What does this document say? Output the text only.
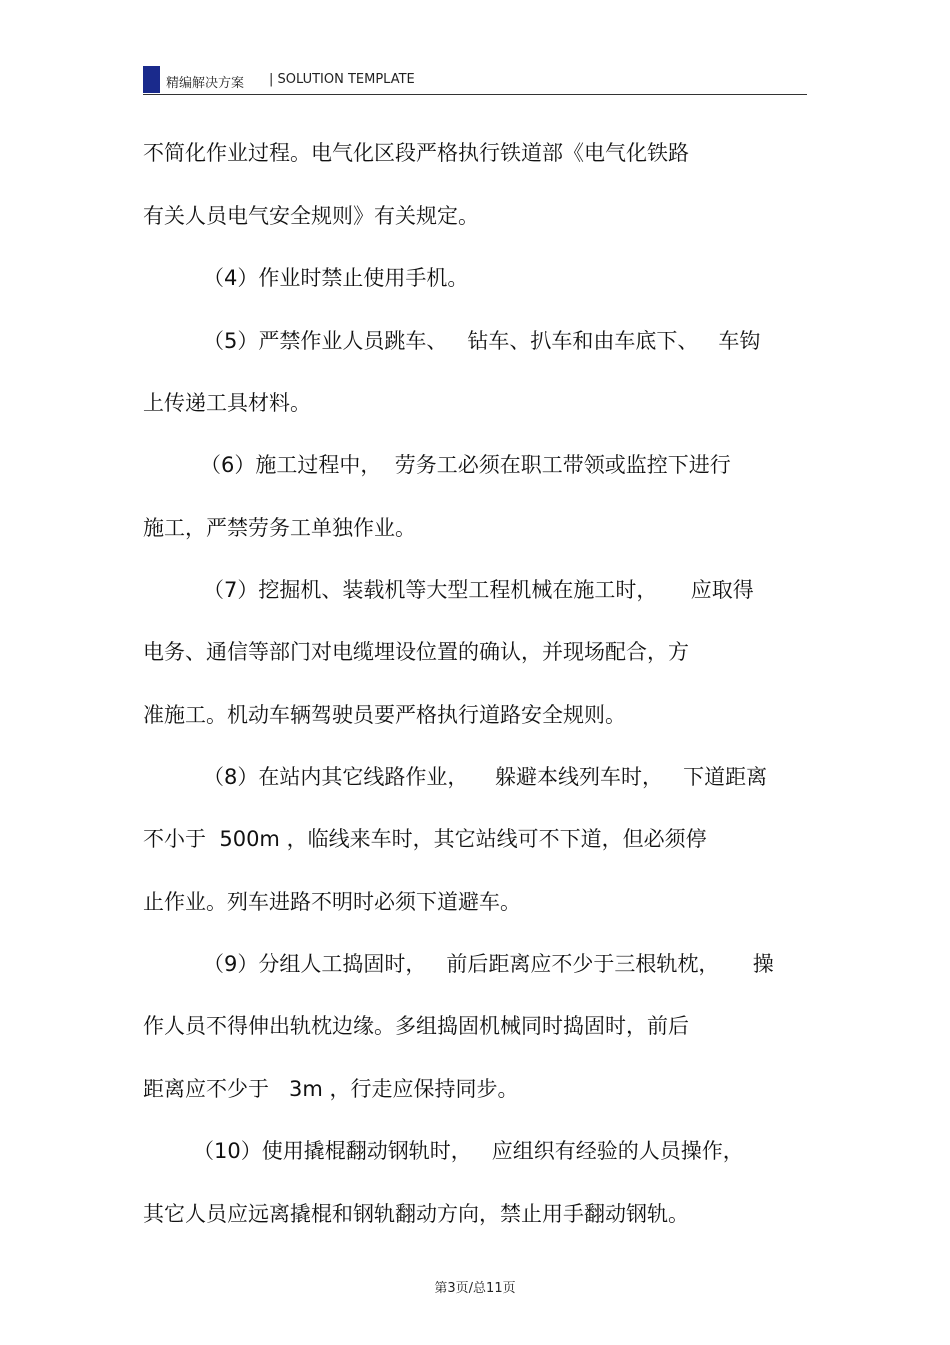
精编解决方案 | SOLUTION TEMPLATE
不简化作业过程。电气化区段严格执行铁道部《电气化铁路
有关人员电气安全规则》有关规定。
（4）作业时禁止使用手机。
（5）严禁作业人员跳车、   钻车、扒车和由车底下、   车钩
上传递工具材料。
（6）施工过程中，  劳务工必须在职工带领或监控下进行
施工，严禁劳务工单独作业。
（7）挖掘机、装载机等大型工程机械在施工时，     应取得
电务、通信等部门对电缆埋设位置的确认，并现场配合，方
准施工。机动车辆驾驶员要严格执行道路安全规则。
（8）在站内其它线路作业，    躲避本线列车时，   下道距离
不小于  500m ，临线来车时，其它站线可不下道，但必须停
止作业。列车进路不明时必须下道避车。
（9）分组人工捣固时，   前后距离应不少于三根轨枕，     操
作人员不得伸出轨枕边缘。多组捣固机械同时捣固时，前后
距离应不少于   3m ，行走应保持同步。
（10）使用撬棍翻动钢轨时，   应组织有经验的人员操作，
其它人员应远离撬棍和钢轨翻动方向，禁止用手翻动钢轨。
第3页/总11页
